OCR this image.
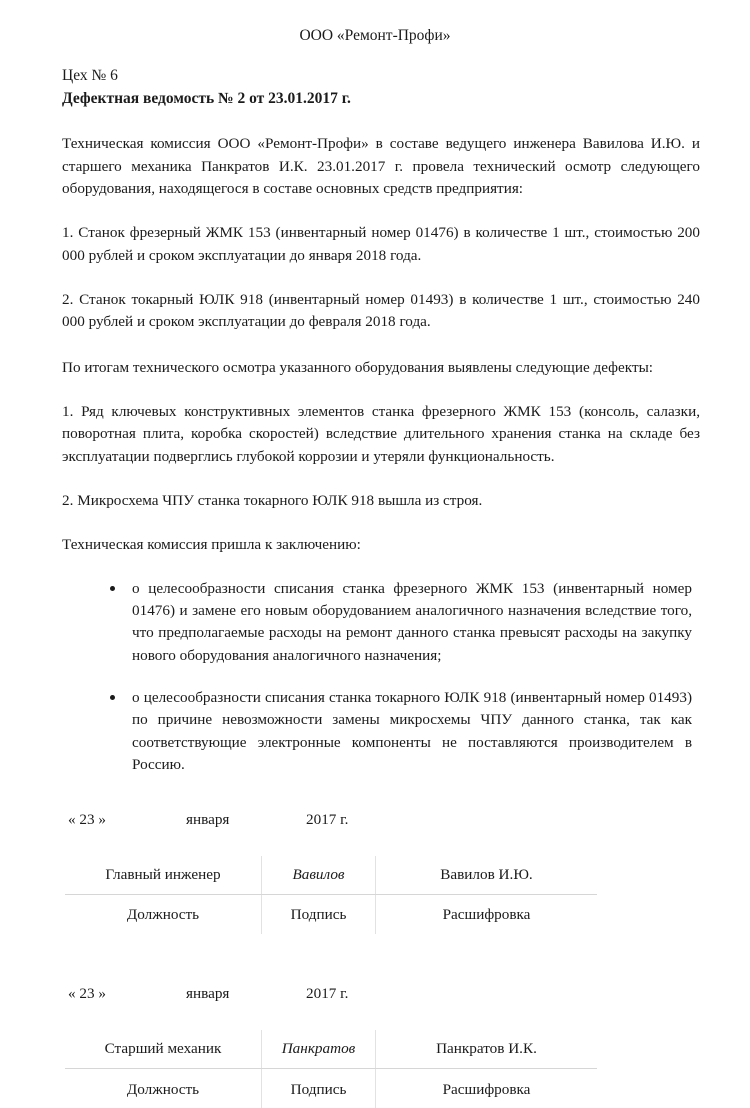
ООО «Ремонт-Профи»
Цех № 6
Дефектная ведомость № 2 от 23.01.2017 г.

Техническая комиссия ООО «Ремонт-Профи» в составе ведущего инженера Вавилова И.Ю. и старшего механика Панкратов И.К. 23.01.2017 г. провела технический осмотр следующего оборудования, находящегося в составе основных средств предприятия:

1. Станок фрезерный ЖМК 153 (инвентарный номер 01476) в количестве 1 шт., стоимостью 200 000 рублей и сроком эксплуатации до января 2018 года.

2. Станок токарный ЮЛК 918 (инвентарный номер 01493) в количестве 1 шт., стоимостью 240 000 рублей и сроком эксплуатации до февраля 2018 года.

По итогам технического осмотра указанного оборудования выявлены следующие дефекты:

1. Ряд ключевых конструктивных элементов станка фрезерного ЖМК 153 (консоль, салазки, поворотная плита, коробка скоростей) вследствие длительного хранения станка на складе без эксплуатации подверглись глубокой коррозии и утеряли функциональность.

2. Микросхема ЧПУ станка токарного ЮЛК 918 вышла из строя.

Техническая комиссия пришла к заключению:

о целесообразности списания станка фрезерного ЖМК 153 (инвентарный номер 01476) и замене его новым оборудованием аналогичного назначения вследствие того, что предполагаемые расходы на ремонт данного станка превысят расходы на закупку нового оборудования аналогичного назначения;
о целесообразности списания станка токарного ЮЛК 918 (инвентарный номер 01493) по причине невозможности замены микросхемы ЧПУ данного станка, так как соответствующие электронные компоненты не поставляются производителем в Россию.
« 23 »	января	2017 г.
Главный инженер	Вавилов	Вавилов И.Ю.
Должность	Подпись	Расшифровка
« 23 »	января	2017 г.
Старший механик	Панкратов	Панкратов И.К.
Должность	Подпись	Расшифровка
